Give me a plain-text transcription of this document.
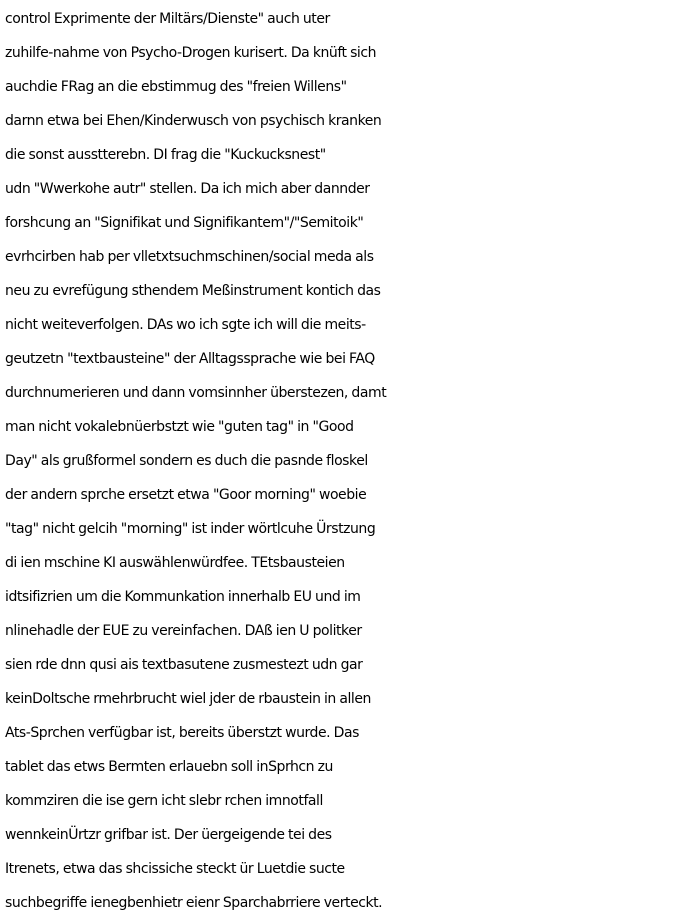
control Exprimente der Miltärs/Dienste" auch uter
zuhilfe-nahme von Psycho-Drogen kurisert. Da knüft sich
auchdie FRag an die ebstimmug des "freien Willens"
darnn etwa bei Ehen/Kinderwusch von psychisch kranken
die sonst ausstterebn. DI frag die "Kuckucksnest"
udn "Wwerkohe autr" stellen. Da ich mich aber dannder
forshcung an "Signifikat und Signifikantem"/"Semitoik"
evrhcirben hab per vlletxtsuchmschinen/social meda als
neu zu evrefügung sthendem Meßinstrument kontich das
nicht weiteverfolgen. DAs wo ich sgte ich will die meits-
geutzetn "textbausteine" der Alltagssprache wie bei FAQ
durchnumerieren und dann vomsinnher überstezen, damt
man nicht vokalebnüerbstzt wie "guten tag" in "Good
Day" als grußformel sondern es duch die pasnde floskel
der andern sprche ersetzt etwa "Goor morning" woebie
"tag" nicht gelcih "morning" ist inder wörtlcuhe Ürstzung
di ien mschine KI auswählenwürdfee. TEtsbausteien
idtsifizrien um die Kommunkation innerhalb EU und im
nlinehadle der EUE zu vereinfachen. DAß ien U politker
sien rde dnn qusi ais textbasutene zusmestezt udn gar
keinDoltsche rmehrbrucht wiel jder de rbaustein in allen
Ats-Sprchen verfügbar ist, bereits überstzt wurde. Das
tablet das etws Bermten erlauebn soll inSprhcn zu
kommziren die ise gern icht slebr rchen imnotfall
wennkeinÜrtzr grifbar ist. Der üergeigende tei des
Itrenets, etwa das shcissiche steckt ür Luetdie sucte
suchbegriffe ienegbenhietr eienr Sparchabrriere verteckt.
